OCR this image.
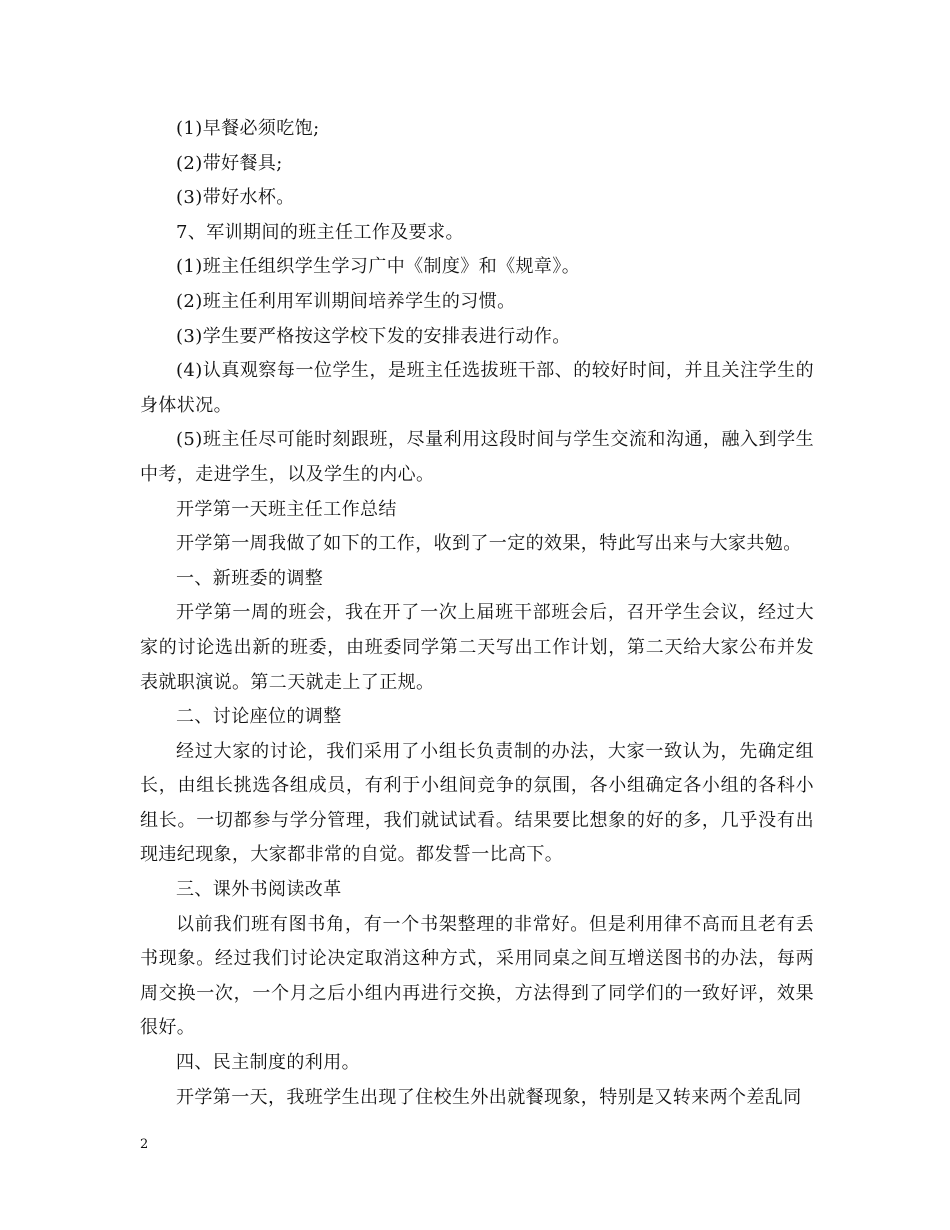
(1)早餐必须吃饱;

(2)带好餐具;

(3)带好水杯。

7、军训期间的班主任工作及要求。

(1)班主任组织学生学习广中《制度》和《规章》。

(2)班主任利用军训期间培养学生的习惯。

(3)学生要严格按这学校下发的安排表进行动作。

(4)认真观察每一位学生，是班主任选拔班干部、的较好时间，并且关注学生的身体状况。

(5)班主任尽可能时刻跟班，尽量利用这段时间与学生交流和沟通，融入到学生中考，走进学生，以及学生的内心。

开学第一天班主任工作总结

开学第一周我做了如下的工作，收到了一定的效果，特此写出来与大家共勉。

一、新班委的调整

开学第一周的班会，我在开了一次上届班干部班会后，召开学生会议，经过大家的讨论选出新的班委，由班委同学第二天写出工作计划，第二天给大家公布并发表就职演说。第二天就走上了正规。

二、讨论座位的调整

经过大家的讨论，我们采用了小组长负责制的办法，大家一致认为，先确定组长，由组长挑选各组成员，有利于小组间竞争的氛围，各小组确定各小组的各科小组长。一切都参与学分管理，我们就试试看。结果要比想象的好的多，几乎没有出现违纪现象，大家都非常的自觉。都发誓一比高下。

三、课外书阅读改革

以前我们班有图书角，有一个书架整理的非常好。但是利用律不高而且老有丢书现象。经过我们讨论决定取消这种方式，采用同桌之间互增送图书的办法，每两周交换一次，一个月之后小组内再进行交换，方法得到了同学们的一致好评，效果很好。

四、民主制度的利用。

开学第一天，我班学生出现了住校生外出就餐现象，特别是又转来两个差乱同

2
